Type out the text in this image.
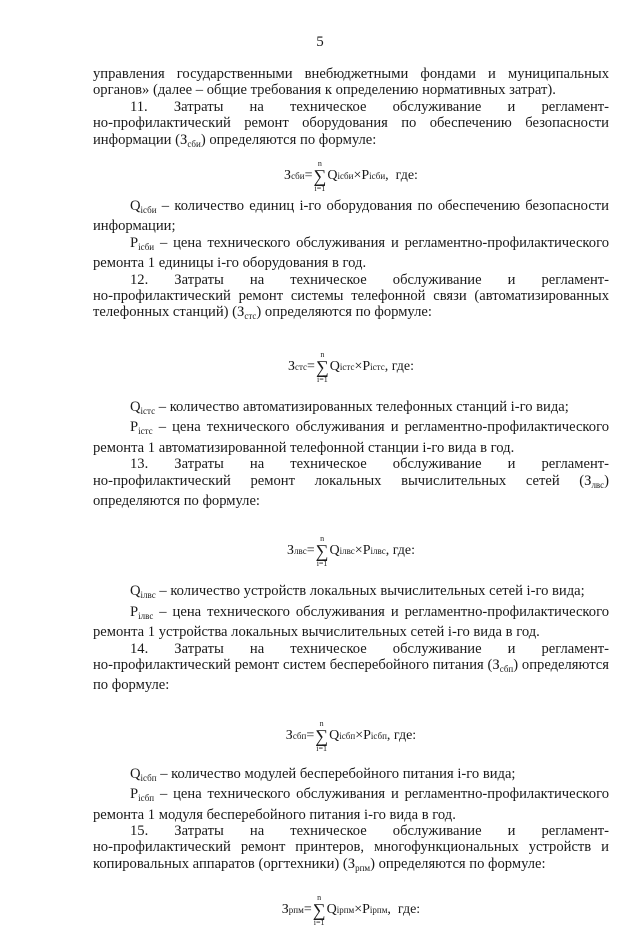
5

управления государственными внебюджетными фондами и муниципальных

органов» (далее – общие требования к определению нормативных затрат).

11. Затраты на техническое обслуживание и регламент-

но-профилактический ремонт оборудования по обеспечению безопасности информации $(З_{сби})$ определяются по формуле:

З сби =
n
∑
i=1
Q iсби × P iсби ,  где:

$Q_{iсби}$ – количество единиц i-го оборудования по обеспечению безопасности информации;

$P_{iсби}$ – цена технического обслуживания и регламентно-профилактического ремонта 1 единицы i-го оборудования в год.

12. Затраты на техническое обслуживание и регламент-

но-профилактический ремонт системы телефонной связи (автоматизированных телефонных станций) $(З_{стс})$ определяются по формуле:

З стс =
n
∑
i=1
Q iстс × P iстс , где:

$Q_{iстс}$ – количество автоматизированных телефонных станций i-го вида;

$P_{iстс}$ – цена технического обслуживания и регламентно-профилактического ремонта 1 автоматизированной телефонной станции i-го вида в год.

13. Затраты на техническое обслуживание и регламент-

но-профилактический ремонт локальных вычислительных сетей $(З_{лвс})$ определяются по формуле:

З лвс =
n
∑
i=1
Q iлвс × P iлвс , где:

$Q_{iлвс}$ – количество устройств локальных вычислительных сетей i-го вида;

$P_{iлвс}$ – цена технического обслуживания и регламентно-профилактического ремонта 1 устройства локальных вычислительных сетей i-го вида в год.

14. Затраты на техническое обслуживание и регламент-

но-профилактический ремонт систем бесперебойного питания $(З_{сбп})$ определяются по формуле:

З сбп =
n
∑
i=1
Q iсбп × P iсбп , где:

$Q_{iсбп}$ – количество модулей бесперебойного питания i-го вида;

$P_{iсбп}$ – цена технического обслуживания и регламентно-профилактического ремонта 1 модуля бесперебойного питания i-го вида в год.

15. Затраты на техническое обслуживание и регламент-

но-профилактический ремонт принтеров, многофункциональных устройств и копировальных аппаратов (оргтехники) $(З_{рпм})$ определяются по формуле:

З рпм =
n
∑
i=1
Q iрпм × P iрпм ,  где:
